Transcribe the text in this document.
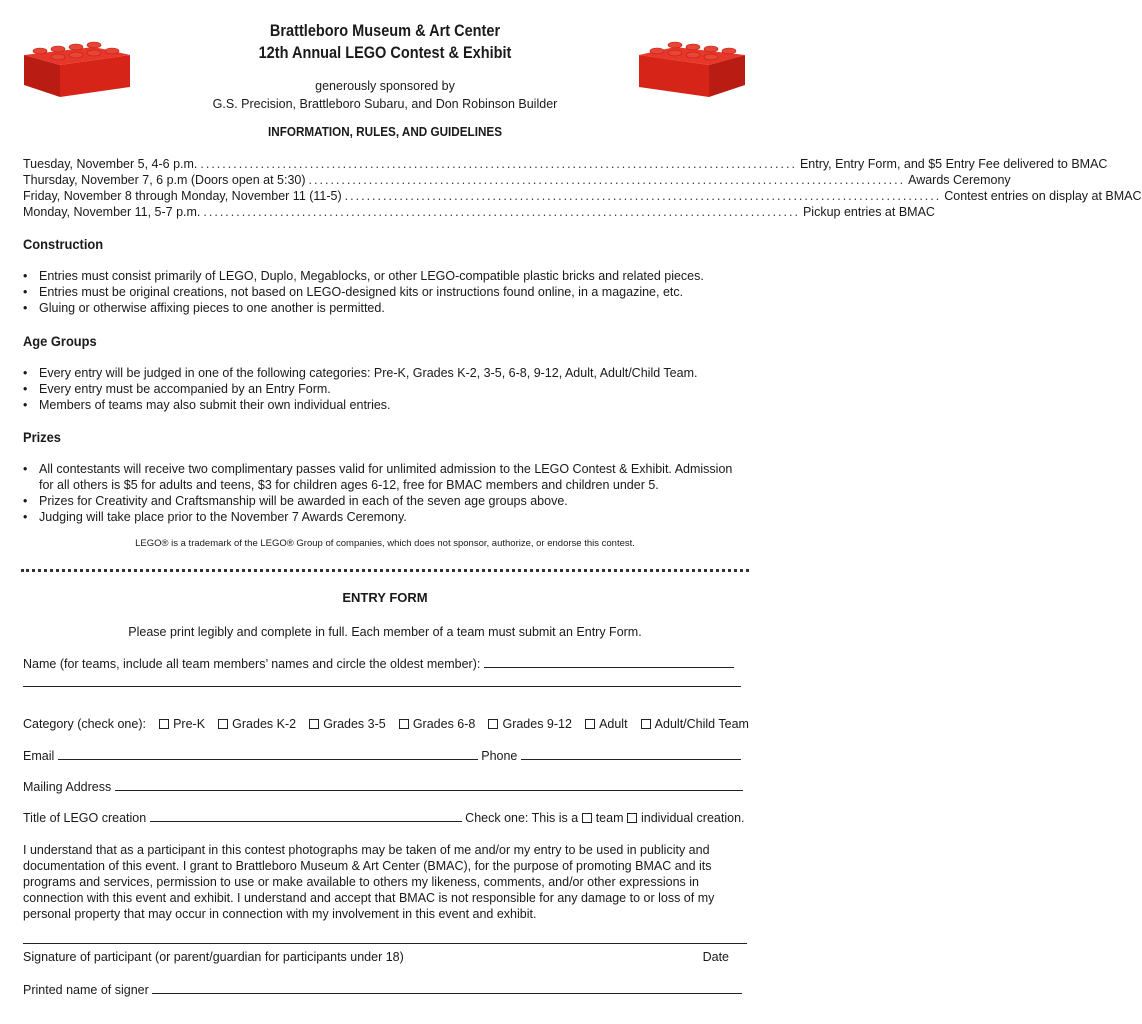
Brattleboro Museum & Art Center
12th Annual LEGO Contest & Exhibit
generously sponsored by
G.S. Precision, Brattleboro Subaru, and Don Robinson Builder
INFORMATION, RULES, AND GUIDELINES
Tuesday, November 5, 4-6 p.m. ............................................................................................................. Entry, Entry Form, and $5 Entry Fee delivered to BMAC
Thursday, November 7, 6 p.m (Doors open at 5:30) ............................................................................................................. Awards Ceremony
Friday, November 8 through Monday, November 11 (11-5) ............................................................................................................. Contest entries on display at BMAC
Monday, November 11, 5-7 p.m. ............................................................................................................. Pickup entries at BMAC
Construction
• Entries must consist primarily of LEGO, Duplo, Megablocks, or other LEGO-compatible plastic bricks and related pieces.
• Entries must be original creations, not based on LEGO-designed kits or instructions found online, in a magazine, etc.
• Gluing or otherwise affixing pieces to one another is permitted.
Age Groups
• Every entry will be judged in one of the following categories: Pre-K, Grades K-2, 3-5, 6-8, 9-12, Adult, Adult/Child Team.
• Every entry must be accompanied by an Entry Form.
• Members of teams may also submit their own individual entries.
Prizes
• All contestants will receive two complimentary passes valid for unlimited admission to the LEGO Contest & Exhibit. Admission for all others is $5 for adults and teens, $3 for children ages 6-12, free for BMAC members and children under 5.
• Prizes for Creativity and Craftsmanship will be awarded in each of the seven age groups above.
• Judging will take place prior to the November 7 Awards Ceremony.
LEGO® is a trademark of the LEGO® Group of companies, which does not sponsor, authorize, or endorse this contest.
ENTRY FORM
Please print legibly and complete in full. Each member of a team must submit an Entry Form.
Name (for teams, include all team members’ names and circle the oldest member):
Category (check one):	Pre-K	Grades K-2	Grades 3-5	Grades 6-8	Grades 9-12	Adult	Adult/Child Team
Email	Phone
Mailing Address
Title of LEGO creation	Check one: This is a team individual creation.
I understand that as a participant in this contest photographs may be taken of me and/or my entry to be used in publicity and documentation of this event. I grant to Brattleboro Museum & Art Center (BMAC), for the purpose of promoting BMAC and its programs and services, permission to use or make available to others my likeness, comments, and/or other expressions in connection with this event and exhibit. I understand and accept that BMAC is not responsible for any damage to or loss of my personal property that may occur in connection with my involvement in this event and exhibit.
Signature of participant (or parent/guardian for participants under 18)	Date
Printed name of signer
